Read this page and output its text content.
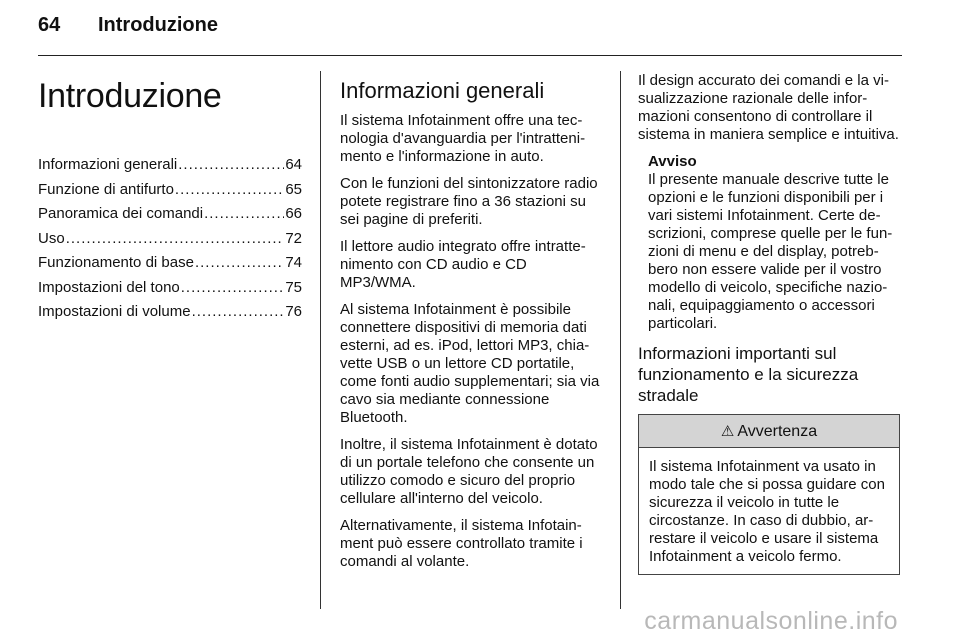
64 Introduzione
Introduzione
Informazioni generali .....	64
Funzione di antifurto .....	65
Panoramica dei comandi .....	66
Uso .....	72
Funzionamento di base .....	74
Impostazioni del tono .....	75
Impostazioni di volume .....	76
Informazioni generali

Il sistema Infotainment offre una tecnologia d'avanguardia per l'intrattenimento e l'informazione in auto.

Con le funzioni del sintonizzatore radio potete registrare fino a 36 stazioni su sei pagine di preferiti.

Il lettore audio integrato offre intrattenimento con CD audio e CD MP3/WMA.

Al sistema Infotainment è possibile connettere dispositivi di memoria dati esterni, ad es. iPod, lettori MP3, chiavette USB o un lettore CD portatile, come fonti audio supplementari; sia via cavo sia mediante connessione Bluetooth.

Inoltre, il sistema Infotainment è dotato di un portale telefono che consente un utilizzo comodo e sicuro del proprio cellulare all'interno del veicolo.

Alternativamente, il sistema Infotainment può essere controllato tramite i comandi al volante.

Il design accurato dei comandi e la visualizzazione razionale delle informazioni consentono di controllare il sistema in maniera semplice e intuitiva.

Avviso
Il presente manuale descrive tutte le opzioni e le funzioni disponibili per i vari sistemi Infotainment. Certe descrizioni, comprese quelle per le funzioni di menu e del display, potrebbero non essere valide per il vostro modello di veicolo, specifiche nazionali, equipaggiamento o accessori particolari.
Informazioni importanti sul funzionamento e la sicurezza stradale
⚠ Avvertenza
Il sistema Infotainment va usato in modo tale che si possa guidare con sicurezza il veicolo in tutte le circostanze. In caso di dubbio, arrestare il veicolo e usare il sistema Infotainment a veicolo fermo.
carmanualsonline.info
